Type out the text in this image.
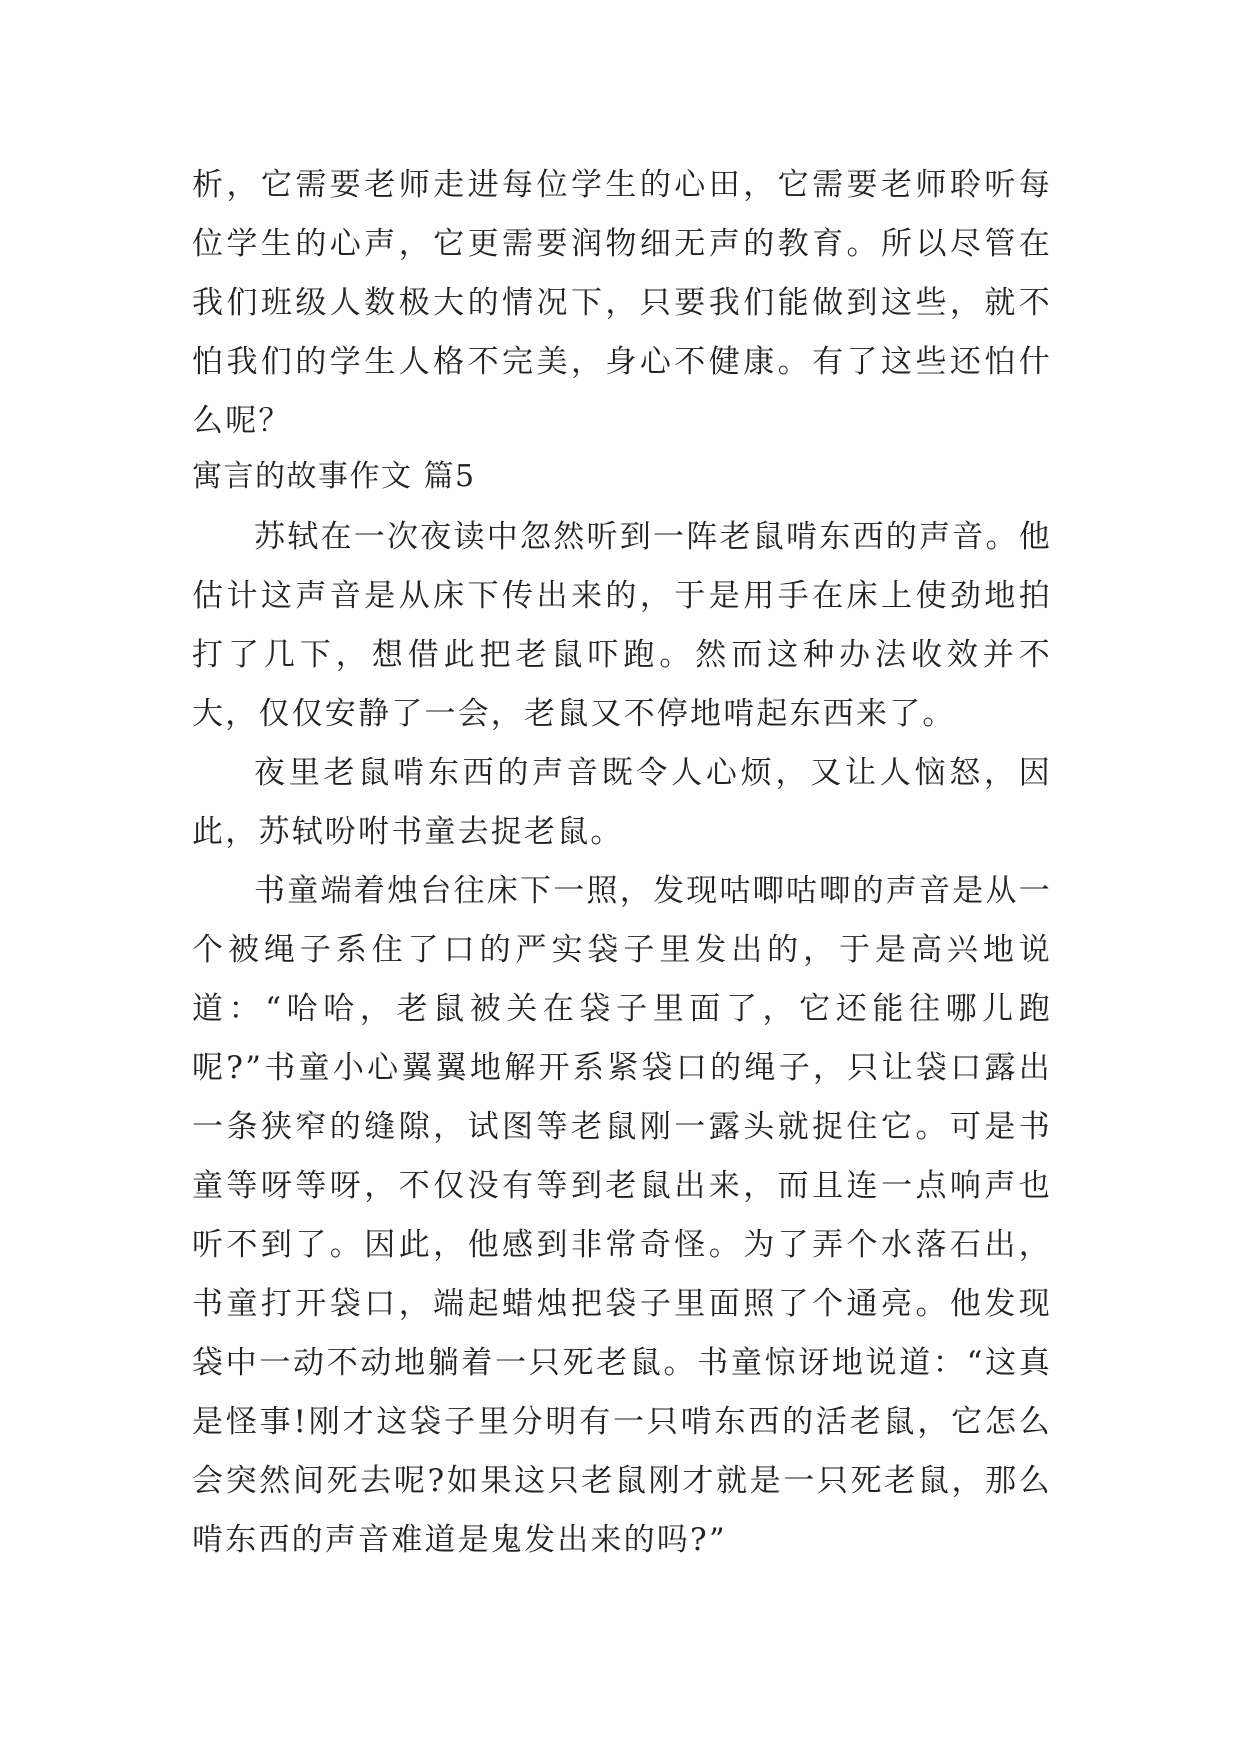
析，它需要老师走进每位学生的心田，它需要老师聆听每位学生的心声，它更需要润物细无声的教育。所以尽管在我们班级人数极大的情况下，只要我们能做到这些，就不怕我们的学生人格不完美，身心不健康。有了这些还怕什么呢？

寓言的故事作文 篇5

苏轼在一次夜读中忽然听到一阵老鼠啃东西的声音。他估计这声音是从床下传出来的，于是用手在床上使劲地拍打了几下，想借此把老鼠吓跑。然而这种办法收效并不大，仅仅安静了一会，老鼠又不停地啃起东西来了。

夜里老鼠啃东西的声音既令人心烦，又让人恼怒，因此，苏轼吩咐书童去捉老鼠。

书童端着烛台往床下一照，发现咕唧咕唧的声音是从一个被绳子系住了口的严实袋子里发出的，于是高兴地说道：“哈哈，老鼠被关在袋子里面了，它还能往哪儿跑呢?”书童小心翼翼地解开系紧袋口的绳子，只让袋口露出一条狭窄的缝隙，试图等老鼠刚一露头就捉住它。可是书童等呀等呀，不仅没有等到老鼠出来，而且连一点响声也听不到了。因此，他感到非常奇怪。为了弄个水落石出，书童打开袋口，端起蜡烛把袋子里面照了个通亮。他发现袋中一动不动地躺着一只死老鼠。书童惊讶地说道：“这真是怪事!刚才这袋子里分明有一只啃东西的活老鼠，它怎么会突然间死去呢?如果这只老鼠刚才就是一只死老鼠，那么啃东西的声音难道是鬼发出来的吗?”
